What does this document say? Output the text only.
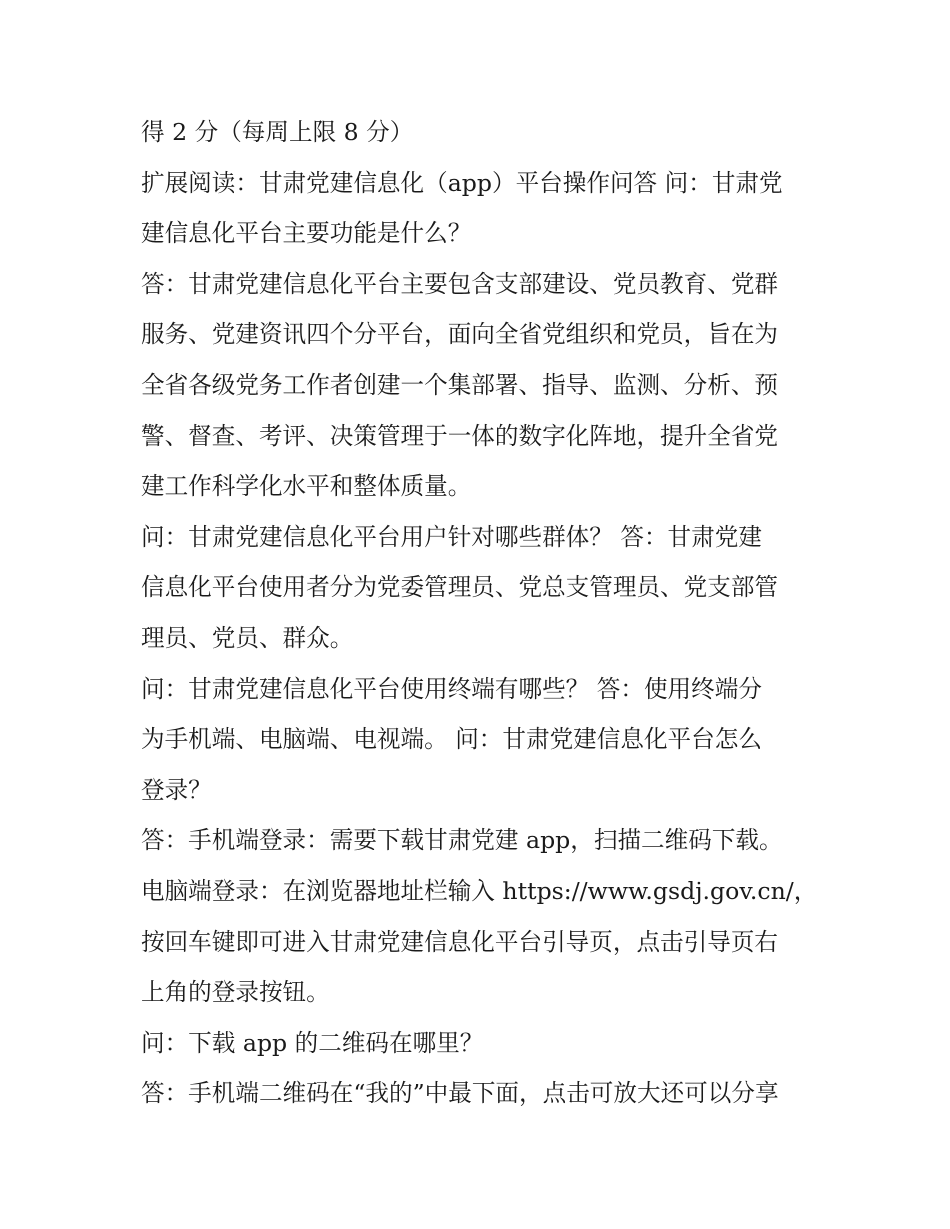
得 2 分（每周上限 8 分）
扩展阅读：甘肃党建信息化（app）平台操作问答 问：甘肃党
建信息化平台主要功能是什么？
答：甘肃党建信息化平台主要包含支部建设、党员教育、党群
服务、党建资讯四个分平台，面向全省党组织和党员，旨在为
全省各级党务工作者创建一个集部署、指导、监测、分析、预
警、督查、考评、决策管理于一体的数字化阵地，提升全省党
建工作科学化水平和整体质量。
问：甘肃党建信息化平台用户针对哪些群体？ 答：甘肃党建
信息化平台使用者分为党委管理员、党总支管理员、党支部管
理员、党员、群众。
问：甘肃党建信息化平台使用终端有哪些？ 答：使用终端分
为手机端、电脑端、电视端。 问：甘肃党建信息化平台怎么
登录？
答：手机端登录：需要下载甘肃党建 app，扫描二维码下载。
电脑端登录：在浏览器地址栏输入 https://www.gsdj.gov.cn/，
按回车键即可进入甘肃党建信息化平台引导页，点击引导页右
上角的登录按钮。
问：下载 app 的二维码在哪里？
答：手机端二维码在“我的”中最下面，点击可放大还可以分享
